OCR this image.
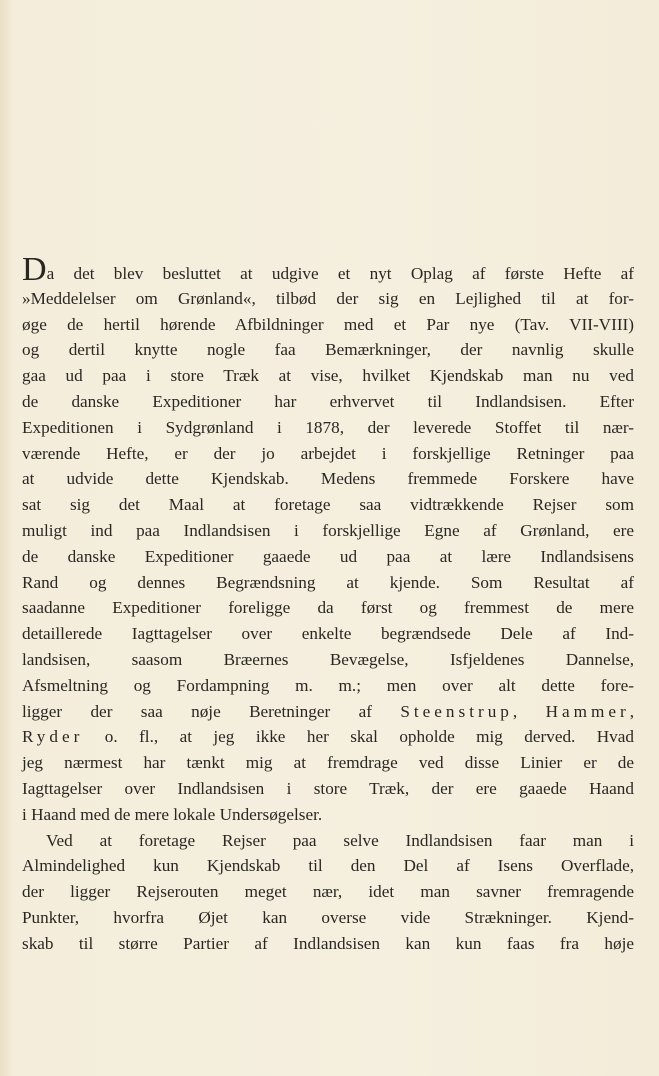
Da det blev besluttet at udgive et nyt Oplag af første Hefte af
»Meddelelser om Grønland«, tilbød der sig en Lejlighed til at for-
øge de hertil hørende Afbildninger med et Par nye (Tav. VII-VIII)
og dertil knytte nogle faa Bemærkninger, der navnlig skulle
gaa ud paa i store Træk at vise, hvilket Kjendskab man nu ved
de danske Expeditioner har erhvervet til Indlandsisen. Efter
Expeditionen i Sydgrønland i 1878, der leverede Stoffet til nær-
værende Hefte, er der jo arbejdet i forskjellige Retninger paa
at udvide dette Kjendskab. Medens fremmede Forskere have
sat sig det Maal at foretage saa vidtrækkende Rejser som
muligt ind paa Indlandsisen i forskjellige Egne af Grønland, ere
de danske Expeditioner gaaede ud paa at lære Indlandsisens
Rand og dennes Begrændsning at kjende. Som Resultat af
saadanne Expeditioner foreligge da først og fremmest de mere
detaillerede Iagttagelser over enkelte begrændsede Dele af Ind-
landsisen, saasom Bræernes Bevægelse, Isfjeldenes Dannelse,
Afsmeltning og Fordampning m. m.; men over alt dette fore-
ligger der saa nøje Beretninger af Steenstrup, Hammer,
Ryder o. fl., at jeg ikke her skal opholde mig derved. Hvad
jeg nærmest har tænkt mig at fremdrage ved disse Linier er de
Iagttagelser over Indlandsisen i store Træk, der ere gaaede Haand
i Haand med de mere lokale Undersøgelser.
Ved at foretage Rejser paa selve Indlandsisen faar man i
Almindelighed kun Kjendskab til den Del af Isens Overflade,
der ligger Rejserouten meget nær, idet man savner fremragende
Punkter, hvorfra Øjet kan overse vide Strækninger. Kjend-
skab til større Partier af Indlandsisen kan kun faas fra høje
